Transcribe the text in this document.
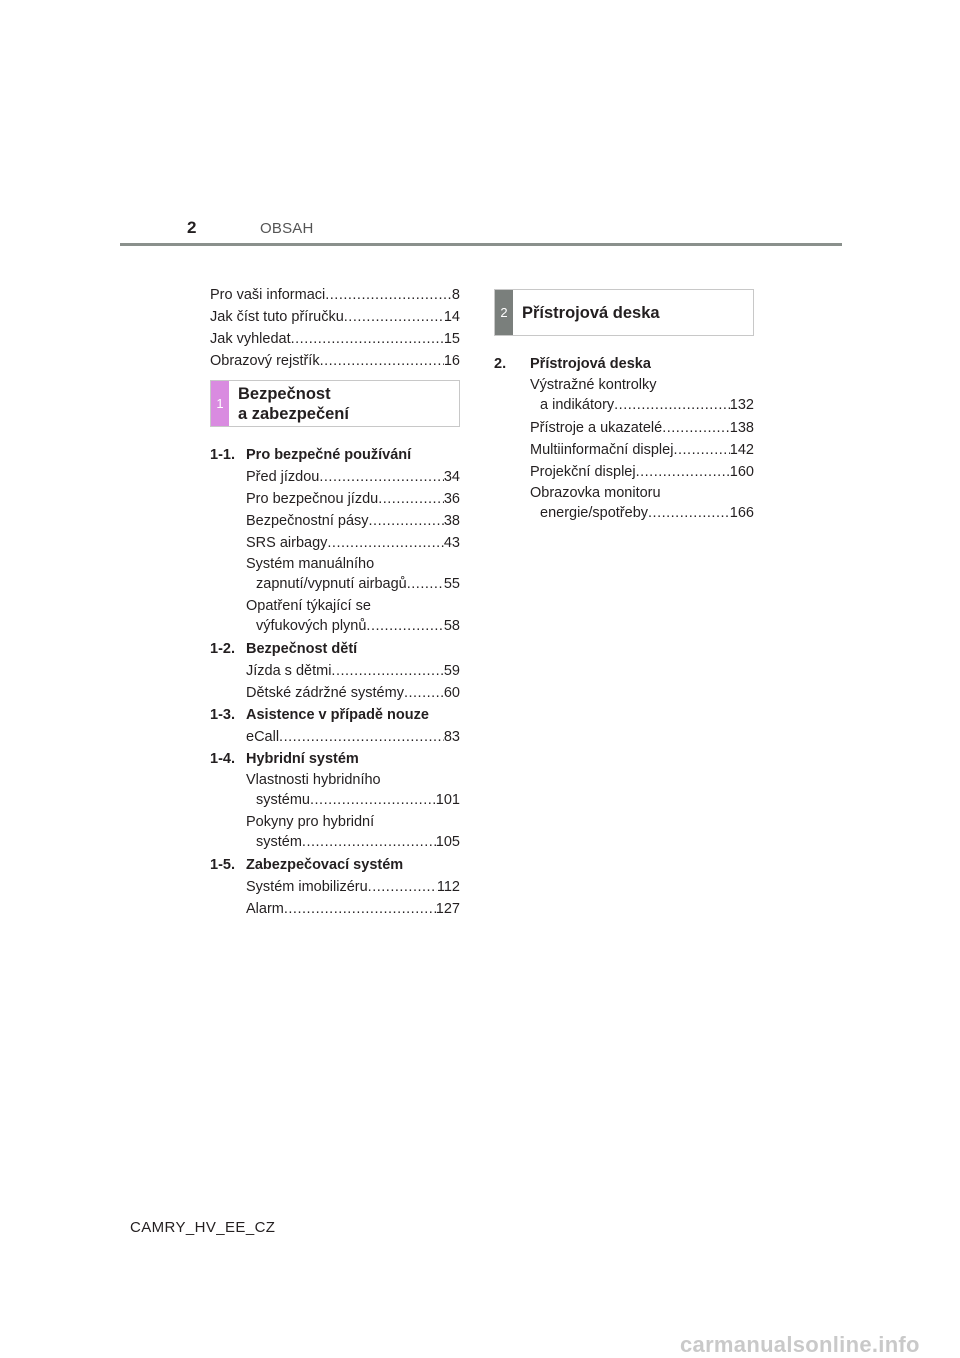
2	OBSAH
Pro vaši informaci .....	8
Jak číst tuto příručku .....	14
Jak vyhledat .....	15
Obrazový rejstřík .....	16
1
Bezpečnost
a zabezpečení
1-1. Pro bezpečné používání
Před jízdou .....	34
Pro bezpečnou jízdu .....	36
Bezpečnostní pásy .....	38
SRS airbagy .....	43
Systém manuálního
zapnutí/vypnutí airbagů .....	55
Opatření týkající se
výfukových plynů .....	58
1-2. Bezpečnost dětí
Jízda s dětmi .....	59
Dětské zádržné systémy .....	60
1-3. Asistence v případě nouze
eCall .....	83
1-4. Hybridní systém
Vlastnosti hybridního
systému .....	101
Pokyny pro hybridní
systém .....	105
1-5. Zabezpečovací systém
Systém imobilizéru .....	112
Alarm .....	127
2 Přístrojová deska
2.	Přístrojová deska
Výstražné kontrolky
a indikátory .....	132
Přístroje a ukazatelé .....	138
Multiinformační displej .....	142
Projekční displej .....	160
Obrazovka monitoru
energie/spotřeby .....	166
CAMRY_HV_EE_CZ
carmanualsonline.info
